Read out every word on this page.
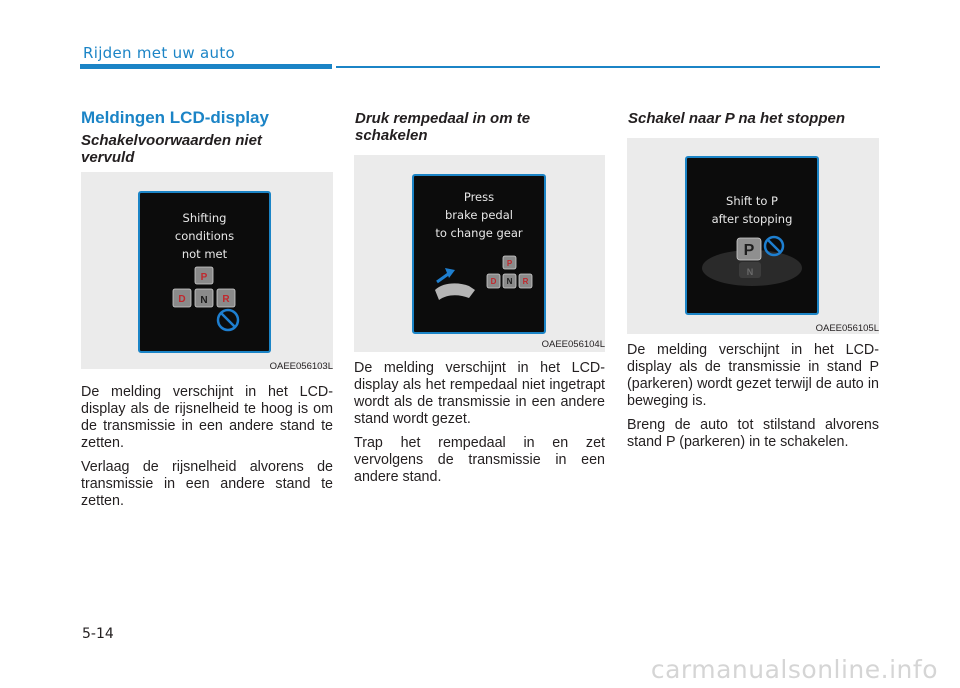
Rijden met uw auto
Meldingen LCD-display
Schakelvoorwaarden niet vervuld
Shifting
conditions
not met
P
D N R
OAEE056103L

De melding verschijnt in het LCD-display als de rijsnelheid te hoog is om de transmissie in een andere stand te zetten.

Verlaag de rijsnelheid alvorens de transmissie in een andere stand te zetten.

Druk rempedaal in om te schakelen
Press
brake pedal
to change gear
P
D N R
OAEE056104L

De melding verschijnt in het LCD-display als het rempedaal niet ingetrapt wordt als de transmissie in een andere stand wordt gezet.

Trap het rempedaal in en zet vervolgens de transmissie in een andere stand.

Schakel naar P na het stoppen
Shift to P
after stopping
P
N
OAEE056105L

De melding verschijnt in het LCD-display als de transmissie in stand P (parkeren) wordt gezet terwijl de auto in beweging is.

Breng de auto tot stilstand alvorens stand P (parkeren) in te schakelen.

5-14
carmanualsonline.info
